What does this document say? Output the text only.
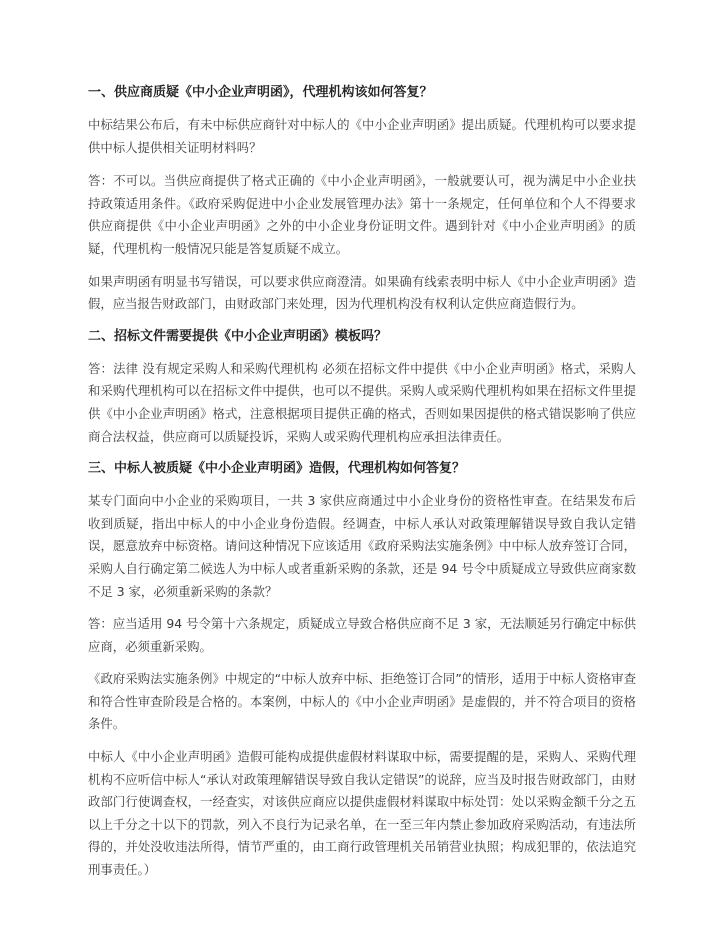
一、供应商质疑《中小企业声明函》，代理机构该如何答复？

中标结果公布后，有未中标供应商针对中标人的《中小企业声明函》提出质疑。代理机构可以要求提供中标人提供相关证明材料吗？

答：不可以。当供应商提供了格式正确的《中小企业声明函》，一般就要认可，视为满足中小企业扶持政策适用条件。《政府采购促进中小企业发展管理办法》第十一条规定，任何单位和个人不得要求供应商提供《中小企业声明函》之外的中小企业身份证明文件。遇到针对《中小企业声明函》的质疑，代理机构一般情况只能是答复质疑不成立。

如果声明函有明显书写错误，可以要求供应商澄清。如果确有线索表明中标人《中小企业声明函》造假，应当报告财政部门，由财政部门来处理，因为代理机构没有权利认定供应商造假行为。

二、招标文件需要提供《中小企业声明函》模板吗？

答：法律 没有规定采购人和采购代理机构 必须在招标文件中提供《中小企业声明函》格式，采购人和采购代理机构可以在招标文件中提供，也可以不提供。采购人或采购代理机构如果在招标文件里提供《中小企业声明函》格式，注意根据项目提供正确的格式，否则如果因提供的格式错误影响了供应商合法权益，供应商可以质疑投诉，采购人或采购代理机构应承担法律责任。

三、中标人被质疑《中小企业声明函》造假，代理机构如何答复？

某专门面向中小企业的采购项目，一共 3 家供应商通过中小企业身份的资格性审查。在结果发布后收到质疑，指出中标人的中小企业身份造假。经调查，中标人承认对政策理解错误导致自我认定错误，愿意放弃中标资格。请问这种情况下应该适用《政府采购法实施条例》中中标人放弃签订合同，采购人自行确定第二候选人为中标人或者重新采购的条款，还是 94 号令中质疑成立导致供应商家数不足 3 家，必须重新采购的条款？

答：应当适用 94 号令第十六条规定，质疑成立导致合格供应商不足 3 家，无法顺延另行确定中标供应商，必须重新采购。

《政府采购法实施条例》中规定的“中标人放弃中标、拒绝签订合同”的情形，适用于中标人资格审查和符合性审查阶段是合格的。本案例，中标人的《中小企业声明函》是虚假的，并不符合项目的资格条件。

中标人《中小企业声明函》造假可能构成提供虚假材料谋取中标，需要提醒的是，采购人、采购代理机构不应听信中标人“承认对政策理解错误导致自我认定错误”的说辞，应当及时报告财政部门，由财政部门行使调查权，一经查实，对该供应商应以提供虚假材料谋取中标处罚：处以采购金额千分之五以上千分之十以下的罚款，列入不良行为记录名单，在一至三年内禁止参加政府采购活动，有违法所得的，并处没收违法所得，情节严重的，由工商行政管理机关吊销营业执照；构成犯罪的，依法追究刑事责任。）
